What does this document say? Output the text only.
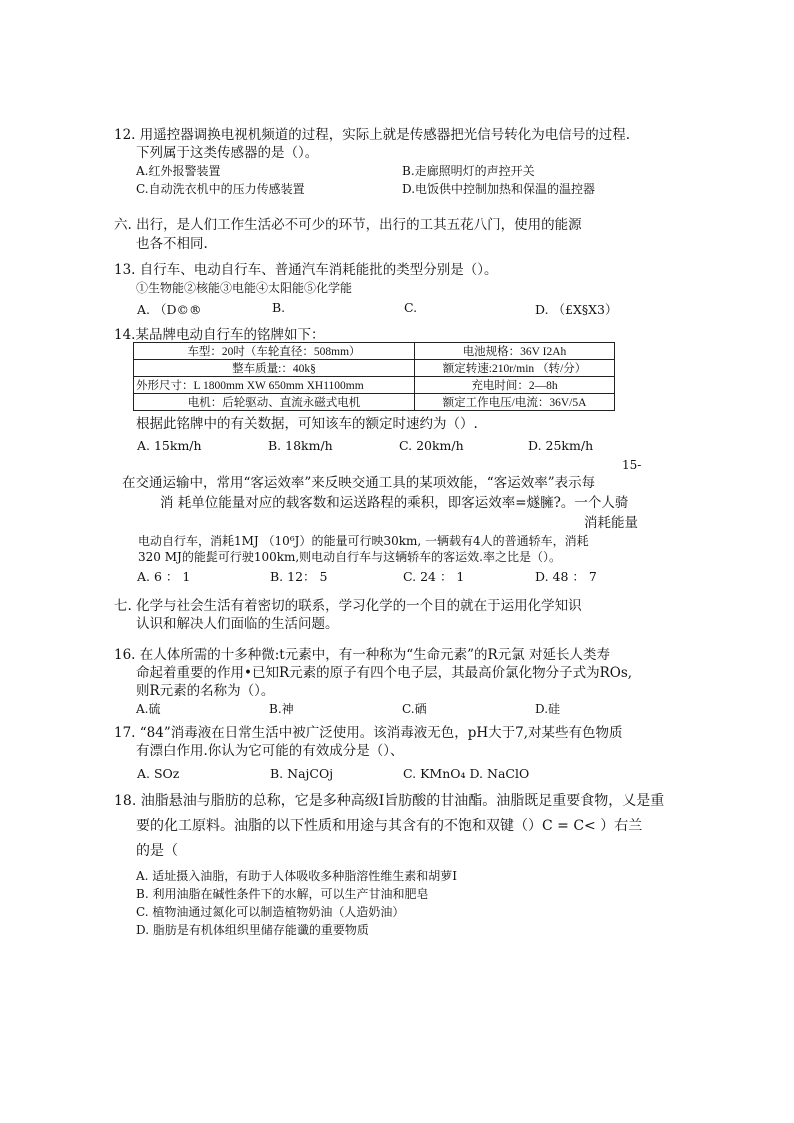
12. 用遥控器调换电视机频道的过程，实际上就是传感器把光信号转化为电信号的过程.
下列属于这类传感器的是（）。
A.红外报警装置	B.走廊照明灯的声控开关
C.自动洗衣机中的压力传感装置	D.电饭供中控制加热和保温的温控器
六. 出行，是人们工作生活必不可少的环节，出行的工其五花八门，使用的能源
也各不相同.
13. 自行车、电动自行车、普通汽车消耗能批的类型分别是（）。
①生物能②核能③电能④太阳能⑤化学能
A. （D©®	B.	C.	D. （£X§X3）
14.某品牌电动自行车的铭牌如下：
车型：20吋（车轮直径：508mm）	电池规格：36V I2Ah
整车质量:：40k§	额定转速:210r/min （转/分）
外形尺寸：L 1800mm XW 650mm XH1100mm	充电时间：2—8h
电机：后轮驱动、直流永磁式电机	额定工作电压/电流：36V/5A
根据此铭牌中的有关数据，可知该车的额定时速约为（）.
A. 15km/h	B. 18km/h	C. 20km/h	D. 25km/h
15-
在交通运输中，常用“客运效率”来反映交通工具的某项效能，“客运效率”表示每
消 耗单位能量对应的载客数和运送路程的乘积，即客运效率=燧臃?。一个人骑
消耗能量
电动自行车，消耗1MJ （10⁶J）的能量可行映30km, 一辆载有4人的普通轿车，消耗
320 MJ的能髭可行驶100km,则电动自行车与这辆轿车的客运效.率之比是（）。
A. 6 ： 1	B. 12： 5	C. 24 ： 1	D. 48 ： 7
七. 化学与社会生活有着密切的联系，学习化学的一个目的就在于运用化学知识
认识和解决人们面临的生活问题。
16. 在人体所需的十多种微:t元素中，有一种称为“生命元素”的R元氯 对延长人类寿
命起着重要的作用•已知R元素的原子有四个电子层，其最高价氯化物分子式为ROs,
则R元素的名称为（）。
A.硫	B.神	C.硒	D.硅
17. “84”消毒液在日常生活中被广泛使用。该消毒液无色，pH大于7,对某些有色物质
有漂白作用.你认为它可能的有效成分是（）、
A. SOz	B. NajCOj	C. KMnO₄ D. NaClO
18. 油脂悬油与脂肪的总称，它是多种高级I旨肪酸的甘油酯。油脂既足重要食物，乂是重
要的化工原料。油脂的以下性质和用途与其含有的不饱和双键（）C = C< ）右兰
的是（
A. 适址摄入油脂，有助于人体吸收多种脂溶性维生素和胡萝I
B. 利用油脂在碱性条件下的水解，可以生产甘油和肥皂
C. 植物油通过氮化可以制造植物奶油（人造奶油）
D. 脂肪是有机体组织里储存能谶的重要物质
